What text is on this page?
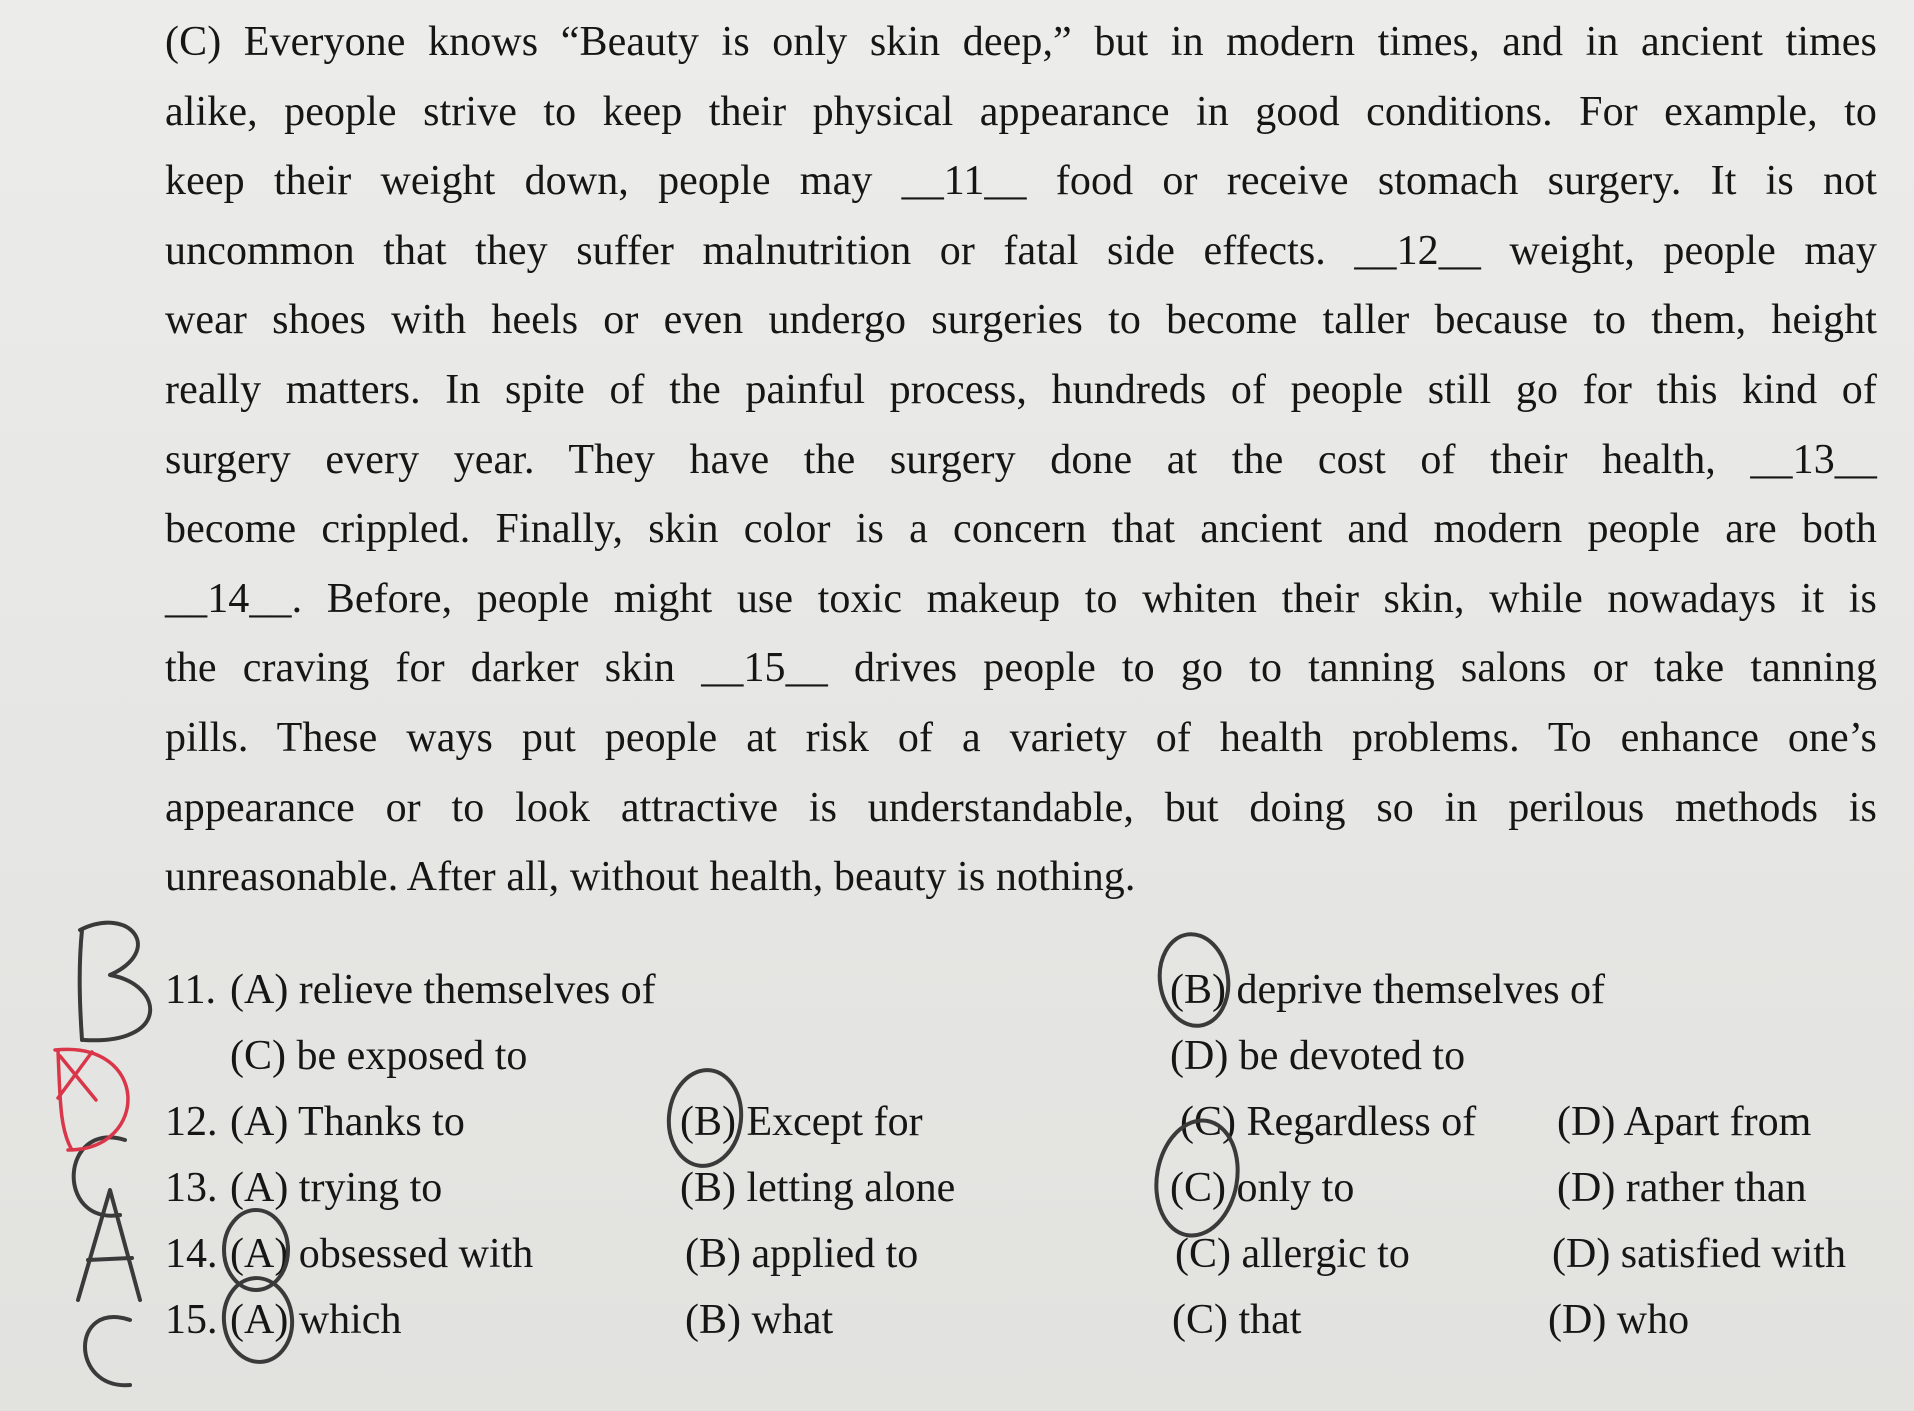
(C) Everyone knows “Beauty is only skin deep,” but in modern times, and in ancient times
alike, people strive to keep their physical appearance in good conditions. For example, to
keep their weight down, people may __11__ food or receive stomach surgery. It is not
uncommon that they suffer malnutrition or fatal side effects. __12__ weight, people may
wear shoes with heels or even undergo surgeries to become taller because to them, height
really matters. In spite of the painful process, hundreds of people still go for this kind of
surgery every year. They have the surgery done at the cost of their health, __13__
become crippled. Finally, skin color is a concern that ancient and modern people are both
__14__. Before, people might use toxic makeup to whiten their skin, while nowadays it is
the craving for darker skin __15__ drives people to go to tanning salons or take tanning
pills. These ways put people at risk of a variety of health problems. To enhance one’s
appearance or to look attractive is understandable, but doing so in perilous methods is
unreasonable. After all, without health, beauty is nothing.
11. (A) relieve themselves of	(B) deprive themselves of
(C) be exposed to	(D) be devoted to
12. (A) Thanks to	(B) Except for	(C) Regardless of (D) Apart from
13. (A) trying to	(B) letting alone	(C) only to	(D) rather than
14. (A) obsessed with	(B) applied to	(C) allergic to	(D) satisfied with
15. (A) which	(B) what	(C) that	(D) who
